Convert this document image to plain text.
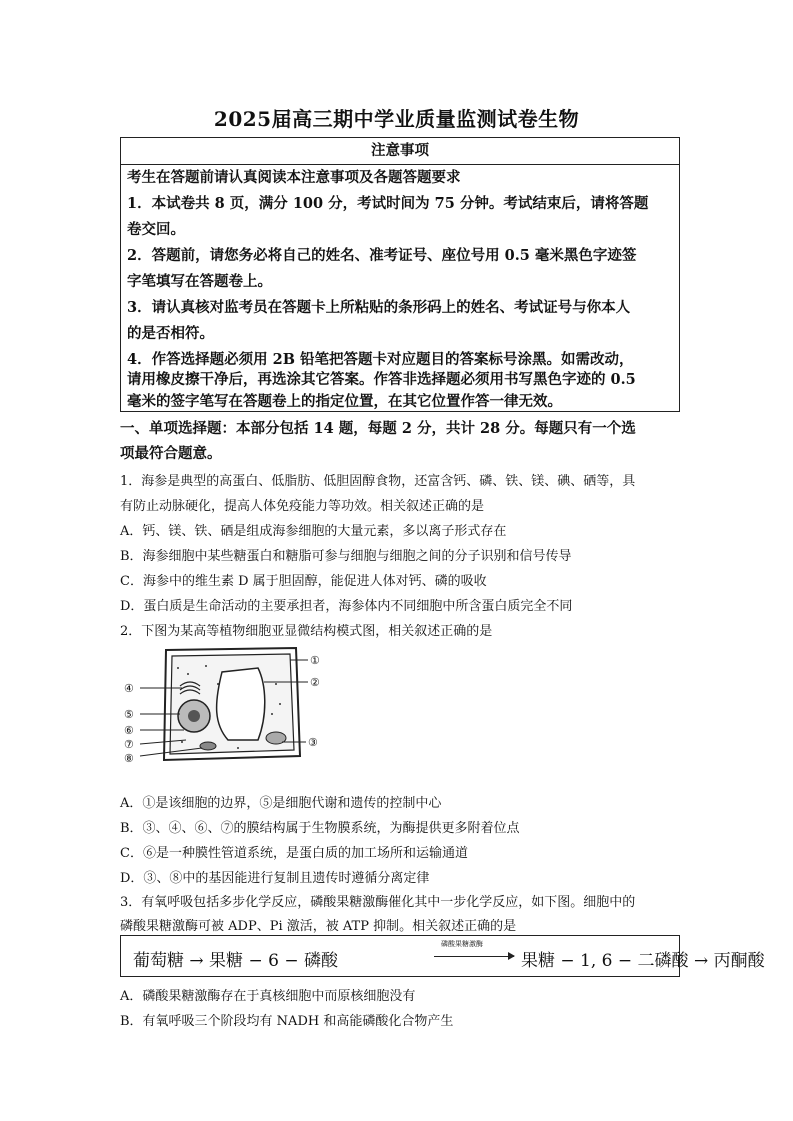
2025届高三期中学业质量监测试卷生物
注意事项
考生在答题前请认真阅读本注意事项及各题答题要求
1．本试卷共 8 页，满分 100 分，考试时间为 75 分钟。考试结束后，请将答题
卷交回。
2．答题前，请您务必将自己的姓名、准考证号、座位号用 0.5 毫米黑色字迹签
字笔填写在答题卷上。
3．请认真核对监考员在答题卡上所粘贴的条形码上的姓名、考试证号与你本人
的是否相符。
4．作答选择题必须用 2B 铅笔把答题卡对应题目的答案标号涂黑。如需改动，
请用橡皮擦干净后，再选涂其它答案。作答非选择题必须用书写黑色字迹的 0.5
毫米的签字笔写在答题卷上的指定位置，在其它位置作答一律无效。
一、单项选择题：本部分包括 14 题，每题 2 分，共计 28 分。每题只有一个选
项最符合题意。
1．海参是典型的高蛋白、低脂肪、低胆固醇食物，还富含钙、磷、铁、镁、碘、硒等，具
有防止动脉硬化，提高人体免疫能力等功效。相关叙述正确的是
A．钙、镁、铁、硒是组成海参细胞的大量元素，多以离子形式存在
B．海参细胞中某些糖蛋白和糖脂可参与细胞与细胞之间的分子识别和信号传导
C．海参中的维生素 D 属于胆固醇，能促进人体对钙、磷的吸收
D．蛋白质是生命活动的主要承担者，海参体内不同细胞中所含蛋白质完全不同
2．下图为某高等植物细胞亚显微结构模式图，相关叙述正确的是
①
②
③
④
⑤
⑥
⑦
⑧
A．①是该细胞的边界，⑤是细胞代谢和遗传的控制中心
B．③、④、⑥、⑦的膜结构属于生物膜系统，为酶提供更多附着位点
C．⑥是一种膜性管道系统，是蛋白质的加工场所和运输通道
D．③、⑧中的基因能进行复制且遗传时遵循分离定律
3．有氧呼吸包括多步化学反应，磷酸果糖激酶催化其中一步化学反应，如下图。细胞中的
磷酸果糖激酶可被 ADP、Pi 激活，被 ATP 抑制。相关叙述正确的是
葡萄糖 → 果糖 − 6 − 磷酸
磷酸果糖激酶
果糖 − 1, 6 − 二磷酸 → 丙酮酸
A．磷酸果糖激酶存在于真核细胞中而原核细胞没有
B．有氧呼吸三个阶段均有 NADH 和高能磷酸化合物产生
